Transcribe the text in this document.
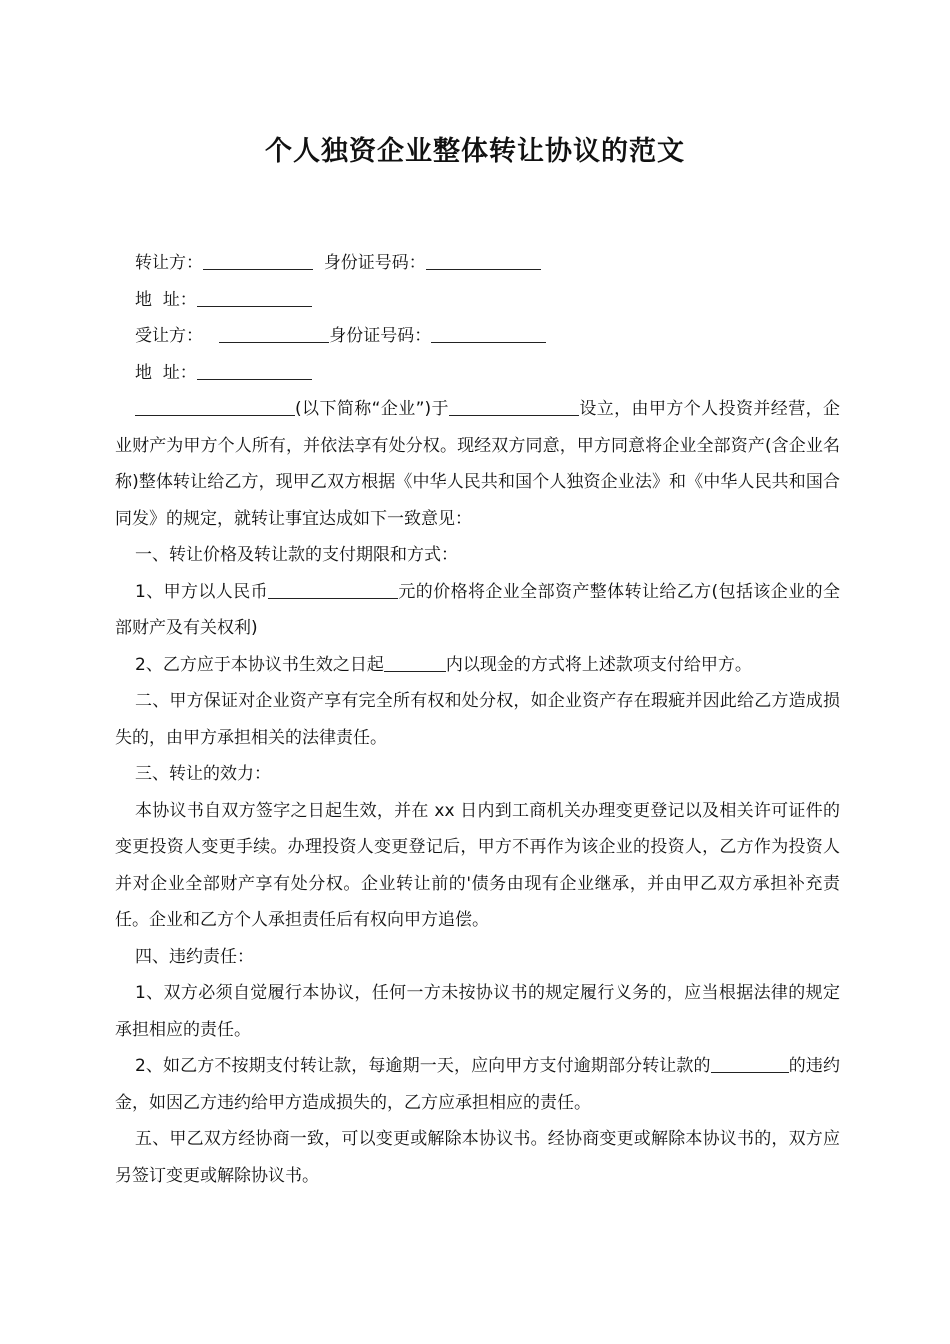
个人独资企业整体转让协议的范文
转让方：	身份证号码：
地  址：
受让方：	身份证号码：
地  址：

(以下简称“企业”)于	设立，由甲方个人投资并经营，企业财产为甲方个人所有，并依法享有处分权。现经双方同意，甲方同意将企业全部资产(含企业名称)整体转让给乙方，现甲乙双方根据《中华人民共和国个人独资企业法》和《中华人民共和国合同发》的规定，就转让事宜达成如下一致意见：

一、转让价格及转让款的支付期限和方式：

1、甲方以人民币	元的价格将企业全部资产整体转让给乙方(包括该企业的全部财产及有关权利)

2、乙方应于本协议书生效之日起	内以现金的方式将上述款项支付给甲方。

二、甲方保证对企业资产享有完全所有权和处分权，如企业资产存在瑕疵并因此给乙方造成损失的，由甲方承担相关的法律责任。

三、转让的效力：

本协议书自双方签字之日起生效，并在 xx 日内到工商机关办理变更登记以及相关许可证件的变更投资人变更手续。办理投资人变更登记后，甲方不再作为该企业的投资人，乙方作为投资人并对企业全部财产享有处分权。企业转让前的'债务由现有企业继承，并由甲乙双方承担补充责任。企业和乙方个人承担责任后有权向甲方追偿。

四、违约责任：

1、双方必须自觉履行本协议，任何一方未按协议书的规定履行义务的，应当根据法律的规定承担相应的责任。

2、如乙方不按期支付转让款，每逾期一天，应向甲方支付逾期部分转让款的	的违约金，如因乙方违约给甲方造成损失的，乙方应承担相应的责任。

五、甲乙双方经协商一致，可以变更或解除本协议书。经协商变更或解除本协议书的，双方应另签订变更或解除协议书。
